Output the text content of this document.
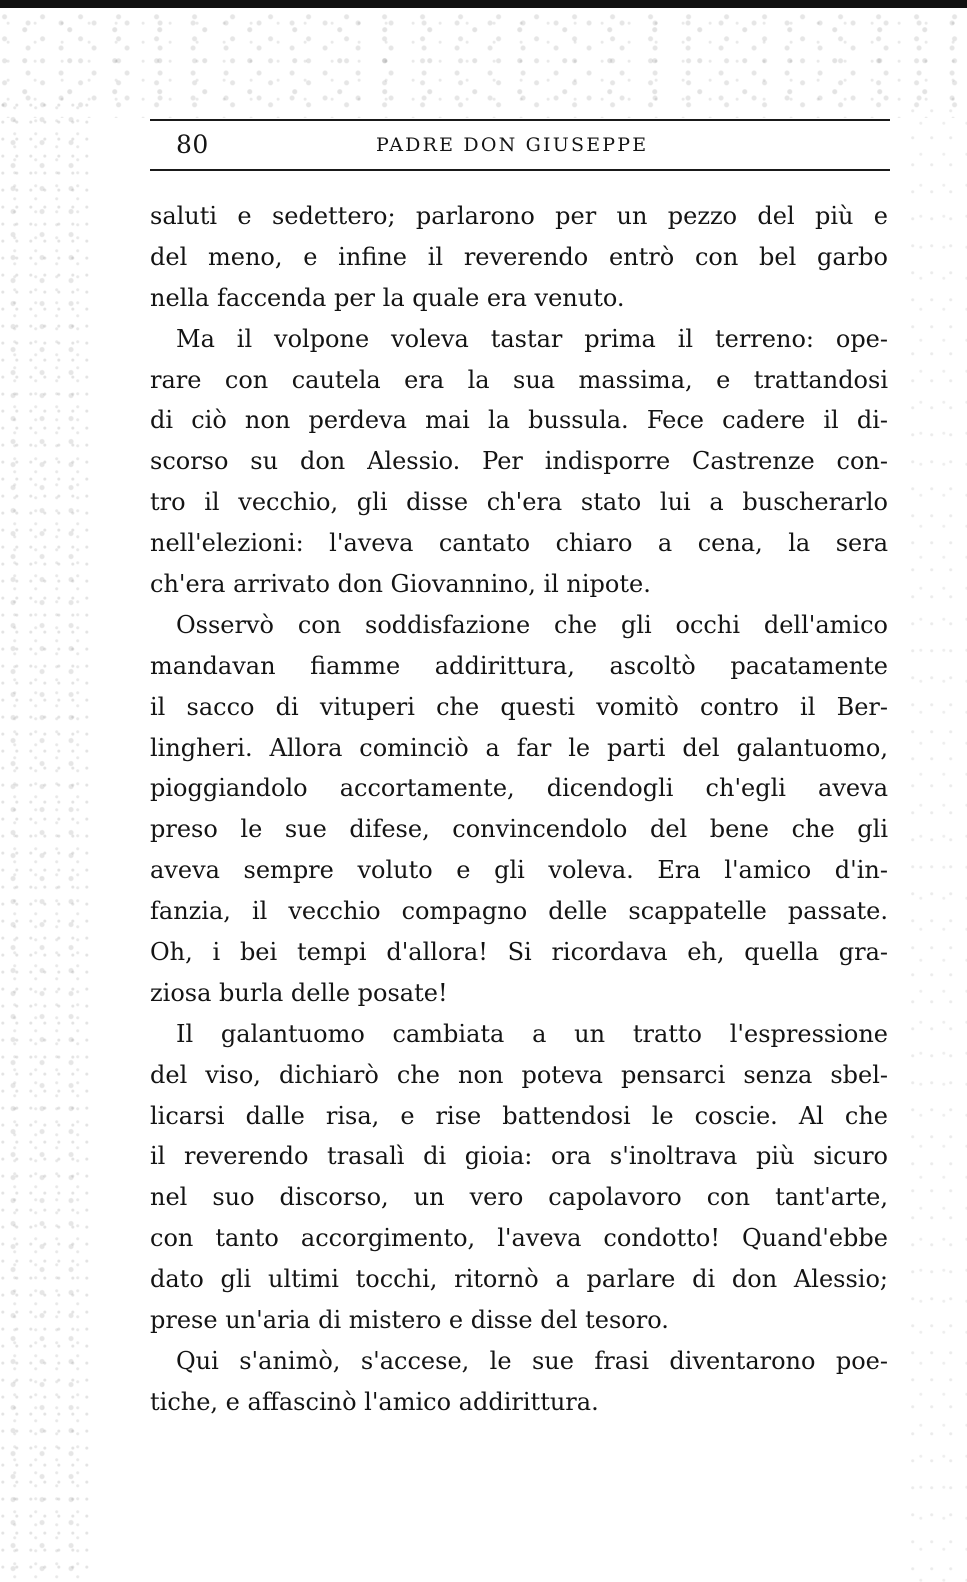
80	PADRE DON GIUSEPPE
saluti e sedettero; parlarono per un pezzo del più e
del meno, e infine il reverendo entrò con bel garbo
nella faccenda per la quale era venuto.
Ma il volpone voleva tastar prima il terreno: ope-
rare con cautela era la sua massima, e trattandosi
di ciò non perdeva mai la bussula. Fece cadere il di-
scorso su don Alessio. Per indisporre Castrenze con-
tro il vecchio, gli disse ch'era stato lui a buscherarlo
nell'elezioni: l'aveva cantato chiaro a cena, la sera
ch'era arrivato don Giovannino, il nipote.
Osservò con soddisfazione che gli occhi dell'amico
mandavan fiamme addirittura, ascoltò pacatamente
il sacco di vituperi che questi vomitò contro il Ber-
lingheri. Allora cominciò a far le parti del galantuomo,
pioggiandolo accortamente, dicendogli ch'egli aveva
preso le sue difese, convincendolo del bene che gli
aveva sempre voluto e gli voleva. Era l'amico d'in-
fanzia, il vecchio compagno delle scappatelle passate.
Oh, i bei tempi d'allora! Si ricordava eh, quella gra-
ziosa burla delle posate!
Il galantuomo cambiata a un tratto l'espressione
del viso, dichiarò che non poteva pensarci senza sbel-
licarsi dalle risa, e rise battendosi le coscie. Al che
il reverendo trasalì di gioia: ora s'inoltrava più sicuro
nel suo discorso, un vero capolavoro con tant'arte,
con tanto accorgimento, l'aveva condotto! Quand'ebbe
dato gli ultimi tocchi, ritornò a parlare di don Alessio;
prese un'aria di mistero e disse del tesoro.
Qui s'animò, s'accese, le sue frasi diventarono poe-
tiche, e affascinò l'amico addirittura.
